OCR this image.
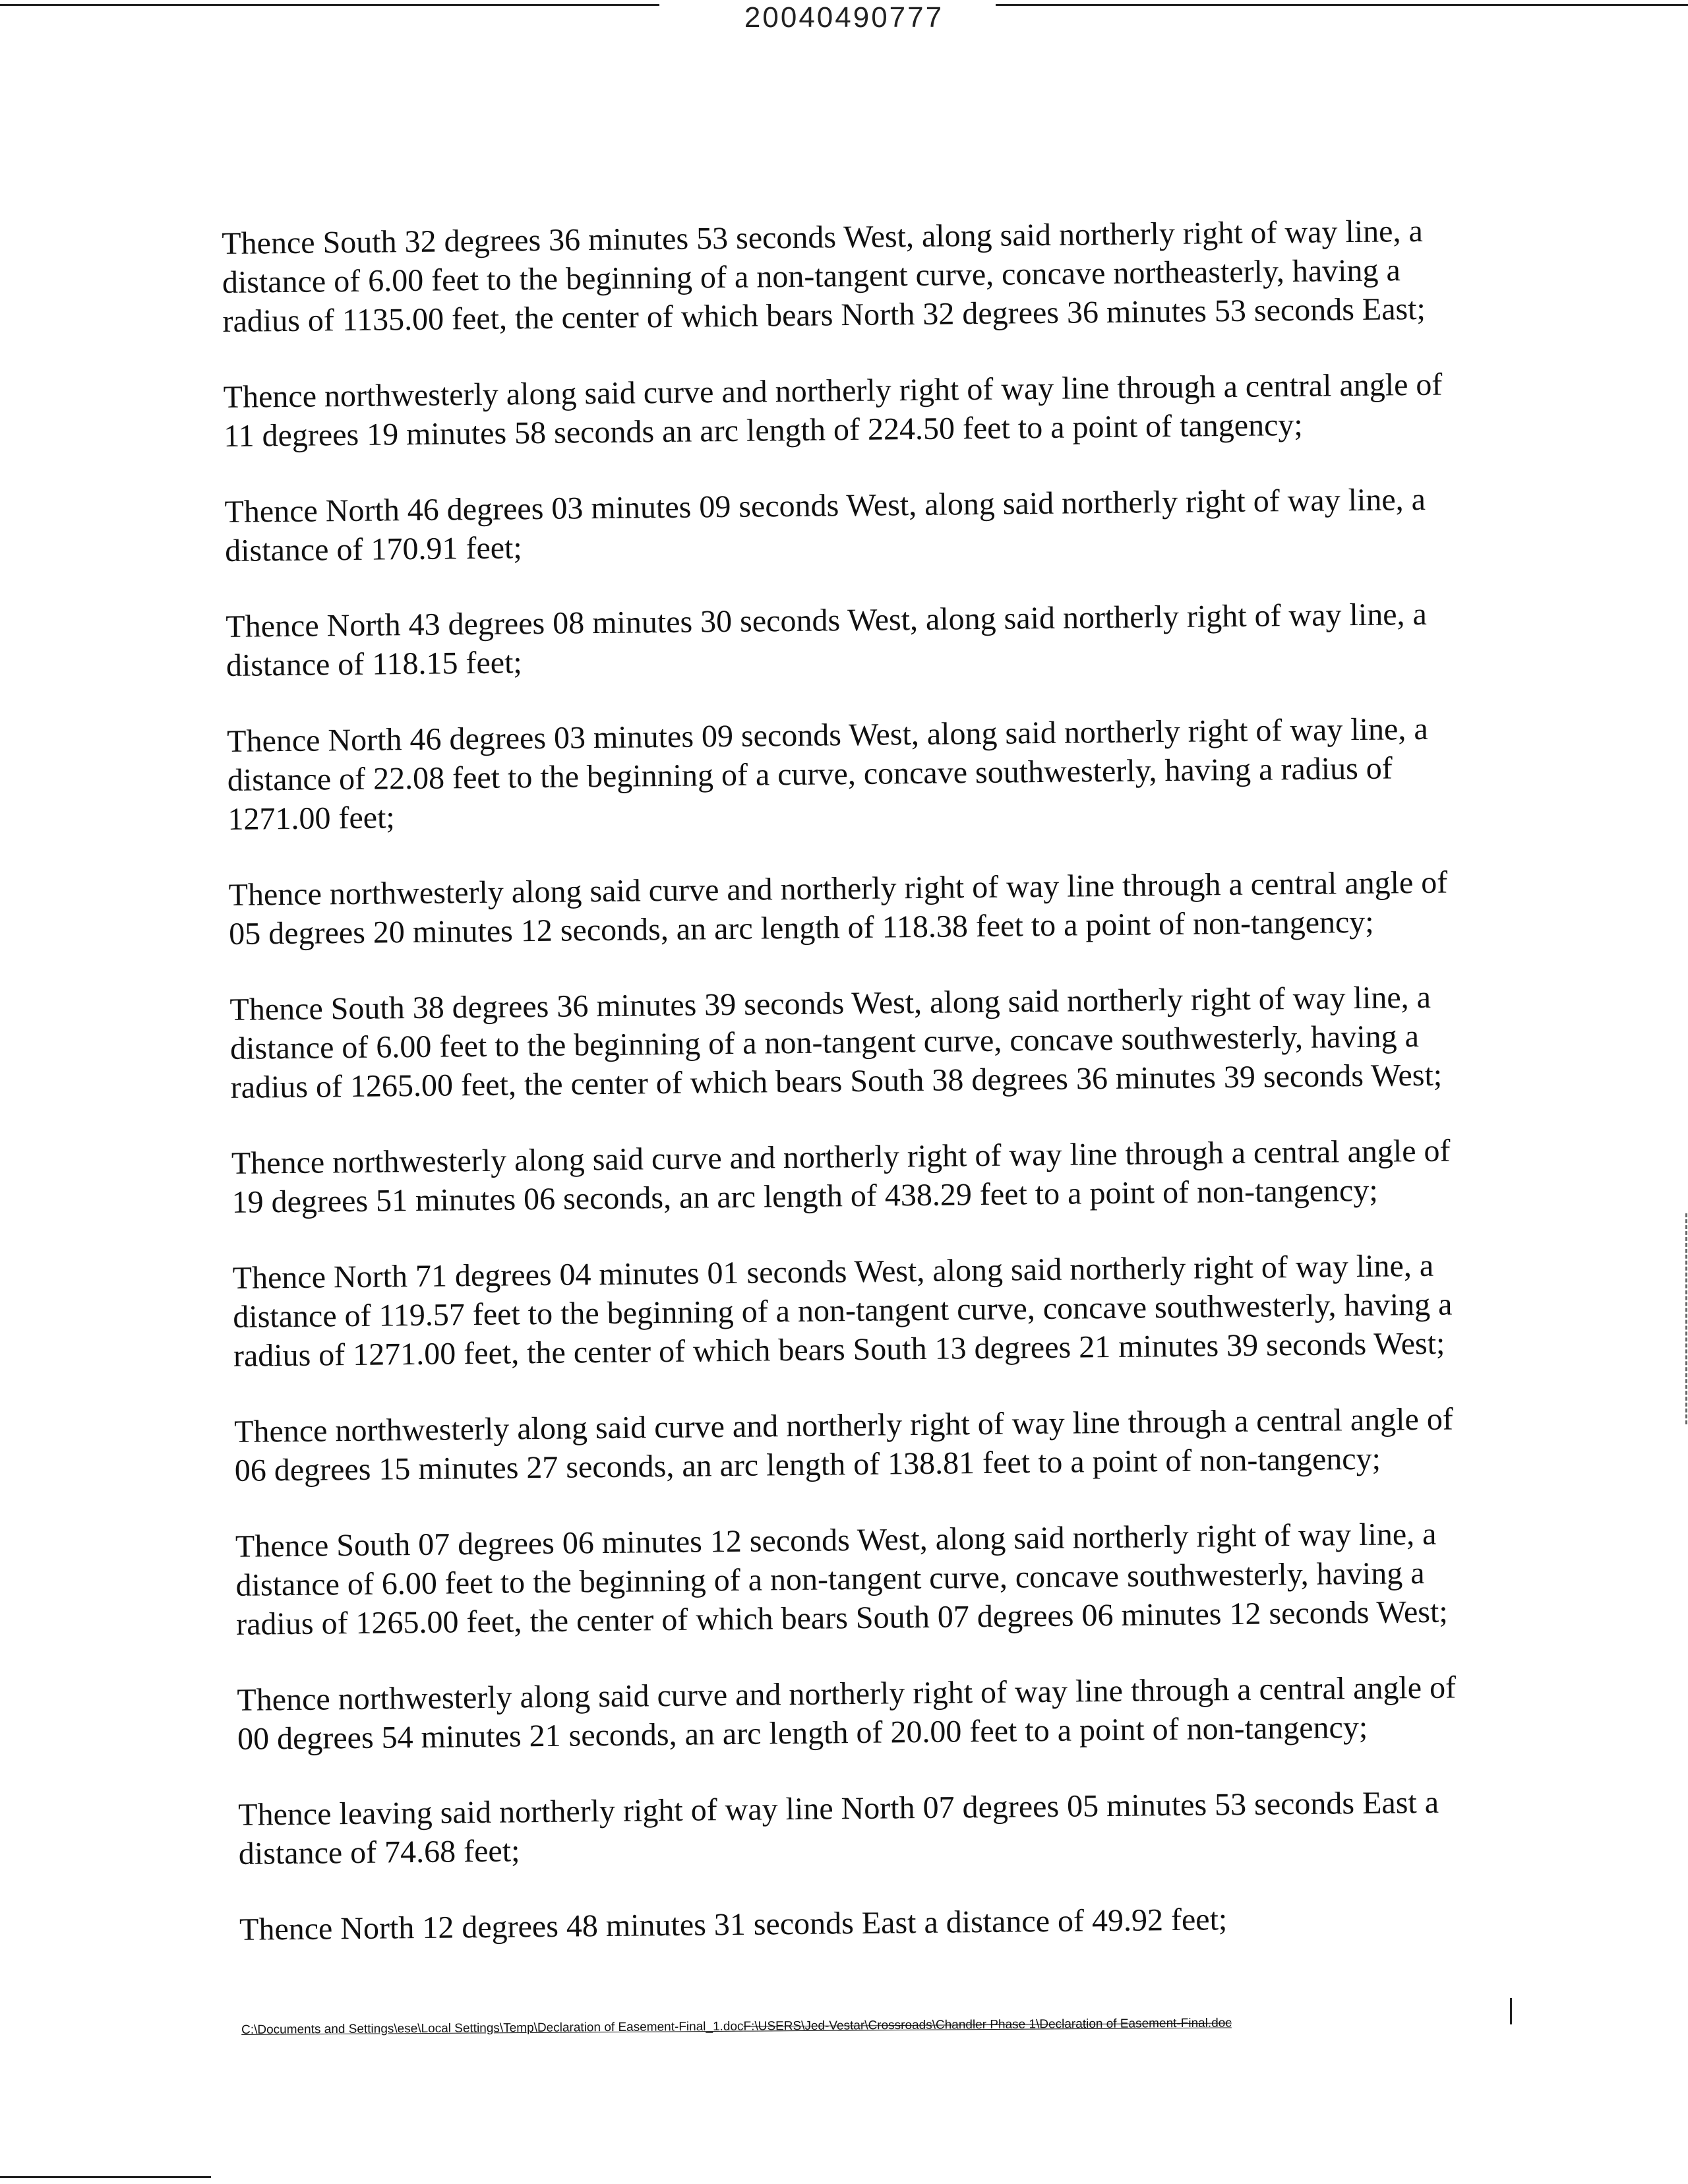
20040490777

Thence South 32 degrees 36 minutes 53 seconds West, along said northerly right of way line, a
distance of 6.00 feet to the beginning of a non-tangent curve, concave northeasterly, having a
radius of 1135.00 feet, the center of which bears North 32 degrees 36 minutes 53 seconds East;

Thence northwesterly along said curve and northerly right of way line through a central angle of
11 degrees 19 minutes 58 seconds an arc length of 224.50 feet to a point of tangency;

Thence North 46 degrees 03 minutes 09 seconds West, along said northerly right of way line, a
distance of 170.91 feet;

Thence North 43 degrees 08 minutes 30 seconds West, along said northerly right of way line, a
distance of 118.15 feet;

Thence North 46 degrees 03 minutes 09 seconds West, along said northerly right of way line, a
distance of 22.08 feet to the beginning of a curve, concave southwesterly, having a radius of
1271.00 feet;

Thence northwesterly along said curve and northerly right of way line through a central angle of
05 degrees 20 minutes 12 seconds, an arc length of 118.38 feet to a point of non-tangency;

Thence South 38 degrees 36 minutes 39 seconds West, along said northerly right of way line, a
distance of 6.00 feet to the beginning of a non-tangent curve, concave southwesterly, having a
radius of 1265.00 feet, the center of which bears South 38 degrees 36 minutes 39 seconds West;

Thence northwesterly along said curve and northerly right of way line through a central angle of
19 degrees 51 minutes 06 seconds, an arc length of 438.29 feet to a point of non-tangency;

Thence North 71 degrees 04 minutes 01 seconds West, along said northerly right of way line, a
distance of 119.57 feet to the beginning of a non-tangent curve, concave southwesterly, having a
radius of 1271.00 feet, the center of which bears South 13 degrees 21 minutes 39 seconds West;

Thence northwesterly along said curve and northerly right of way line through a central angle of
06 degrees 15 minutes 27 seconds, an arc length of 138.81 feet to a point of non-tangency;

Thence South 07 degrees 06 minutes 12 seconds West, along said northerly right of way line, a
distance of 6.00 feet to the beginning of a non-tangent curve, concave southwesterly, having a
radius of 1265.00 feet, the center of which bears South 07 degrees 06 minutes 12 seconds West;

Thence northwesterly along said curve and northerly right of way line through a central angle of
00 degrees 54 minutes 21 seconds, an arc length of 20.00 feet to a point of non-tangency;

Thence leaving said northerly right of way line North 07 degrees 05 minutes 53 seconds East a
distance of 74.68 feet;

Thence North 12 degrees 48 minutes 31 seconds East a distance of 49.92 feet;

C:\Documents and Settings\ese\Local Settings\Temp\Declaration of Easement-Final_1.docF:\USERS\Jed-Vestar\Crossroads\Chandler Phase 1\Declaration of Easement-Final.doc
